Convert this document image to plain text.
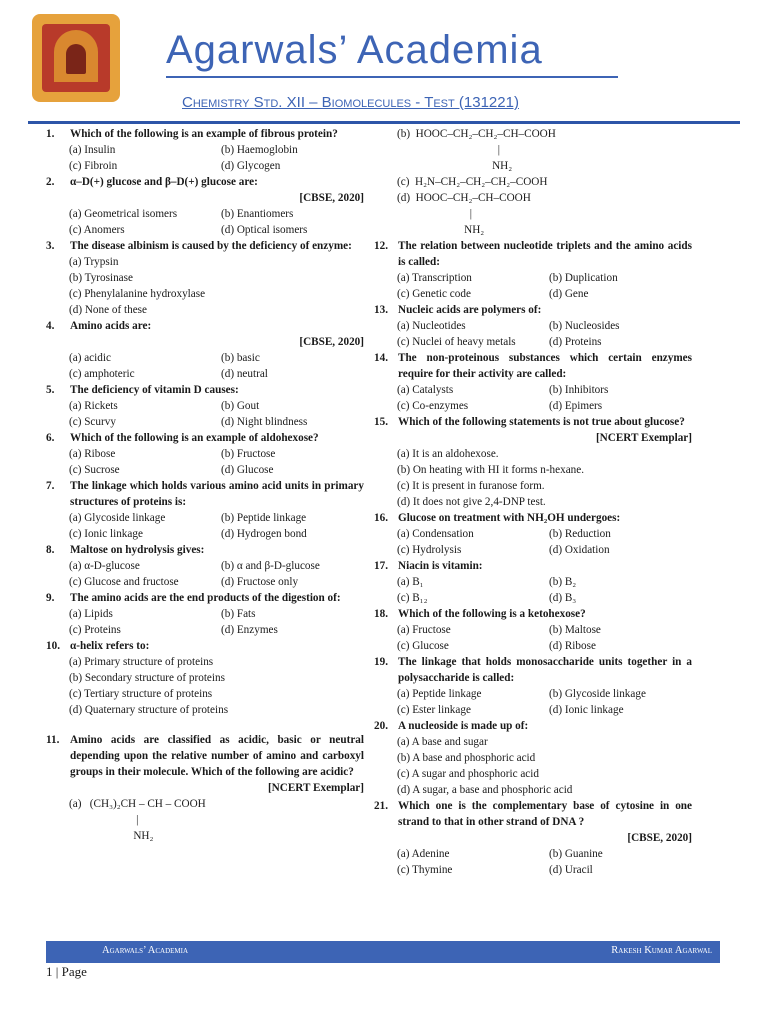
Agarwals’ Academia
Chemistry Std. XII – Biomolecules - Test (131221)
1. Which of the following is an example of fibrous protein?
(a) Insulin	(b) Haemoglobin
(c) Fibroin	(d) Glycogen
2. α–D(+) glucose and β–D(+) glucose are:
[CBSE, 2020]
(a) Geometrical isomers	(b) Enantiomers
(c) Anomers	(d) Optical isomers
3. The disease albinism is caused by the deficiency of enzyme:
(a) Trypsin
(b) Tyrosinase
(c) Phenylalanine hydroxylase
(d) None of these
4. Amino acids are:
[CBSE, 2020]
(a) acidic	(b) basic
(c) amphoteric	(d) neutral
5. The deficiency of vitamin D causes:
(a) Rickets	(b) Gout
(c) Scurvy	(d) Night blindness
6. Which of the following is an example of aldohexose?
(a) Ribose	(b) Fructose
(c) Sucrose	(d) Glucose
7. The linkage which holds various amino acid units in primary structures of proteins is:
(a) Glycoside linkage	(b) Peptide linkage
(c) Ionic linkage	(d) Hydrogen bond
8. Maltose on hydrolysis gives:
(a) α-D-glucose	(b) α and β-D-glucose
(c) Glucose and fructose	(d) Fructose only
9. The amino acids are the end products of the digestion of:
(a) Lipids	(b) Fats
(c) Proteins	(d) Enzymes
10. α-helix refers to:
(a) Primary structure of proteins
(b) Secondary structure of proteins
(c) Tertiary structure of proteins
(d) Quaternary structure of proteins
11. Amino acids are classified as acidic, basic or neutral depending upon the relative number of amino and carboxyl groups in their molecule. Which of the following are acidic?
[NCERT Exemplar]
(a)   (CH₃)₂CH – CH – COOH
|
NH₂
(b)  HOOC–CH₂–CH₂–CH–COOH
|
NH₂
(c)  H₂N–CH₂–CH₂–CH₂–COOH
(d)  HOOC–CH₂–CH–COOH
|
NH₂
12. The relation between nucleotide triplets and the amino acids is called:
(a) Transcription	(b) Duplication
(c) Genetic code	(d) Gene
13. Nucleic acids are polymers of:
(a) Nucleotides	(b) Nucleosides
(c) Nuclei of heavy metals	(d) Proteins
14. The non-proteinous substances which certain enzymes require for their activity are called:
(a) Catalysts	(b) Inhibitors
(c) Co-enzymes	(d) Epimers
15. Which of the following statements is not true about glucose?
[NCERT Exemplar]
(a) It is an aldohexose.
(b) On heating with HI it forms n-hexane.
(c) It is present in furanose form.
(d) It does not give 2,4-DNP test.
16. Glucose on treatment with NH₂OH undergoes:
(a) Condensation	(b) Reduction
(c) Hydrolysis	(d) Oxidation
17. Niacin is vitamin:
(a) B₁	(b) B₂
(c) B₁₂	(d) B₃
18. Which of the following is a ketohexose?
(a) Fructose	(b) Maltose
(c) Glucose	(d) Ribose
19. The linkage that holds monosaccharide units together in a polysaccharide is called:
(a) Peptide linkage	(b) Glycoside linkage
(c) Ester linkage	(d) Ionic linkage
20. A nucleoside is made up of:
(a) A base and sugar
(b) A base and phosphoric acid
(c) A sugar and phosphoric acid
(d) A sugar, a base and phosphoric acid
21. Which one is the complementary base of cytosine in one strand to that in other strand of DNA ?
[CBSE, 2020]
(a) Adenine	(b) Guanine
(c) Thymine	(d) Uracil
Agarwals’ Academia	Rakesh Kumar Agarwal
1 | Page
